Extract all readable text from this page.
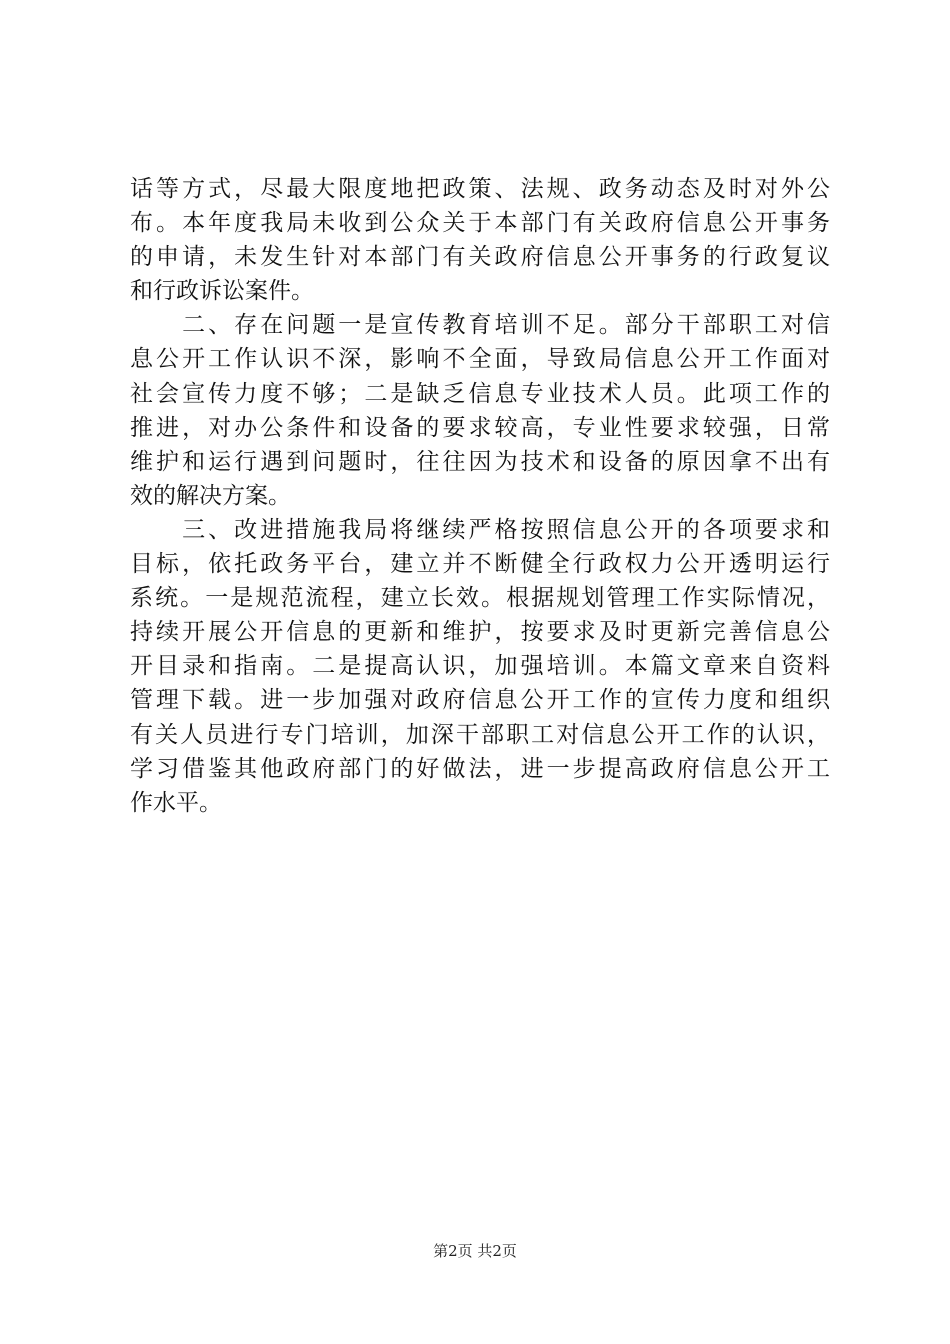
话等方式，尽最大限度地把政策、法规、政务动态及时对外公
布。本年度我局未收到公众关于本部门有关政府信息公开事务
的申请，未发生针对本部门有关政府信息公开事务的行政复议
和行政诉讼案件。
　　二、存在问题一是宣传教育培训不足。部分干部职工对信
息公开工作认识不深，影响不全面，导致局信息公开工作面对
社会宣传力度不够；二是缺乏信息专业技术人员。此项工作的
推进，对办公条件和设备的要求较高，专业性要求较强，日常
维护和运行遇到问题时，往往因为技术和设备的原因拿不出有
效的解决方案。
　　三、改进措施我局将继续严格按照信息公开的各项要求和
目标，依托政务平台，建立并不断健全行政权力公开透明运行
系统。一是规范流程，建立长效。根据规划管理工作实际情况，
持续开展公开信息的更新和维护，按要求及时更新完善信息公
开目录和指南。二是提高认识，加强培训。本篇文章来自资料
管理下载。进一步加强对政府信息公开工作的宣传力度和组织
有关人员进行专门培训，加深干部职工对信息公开工作的认识，
学习借鉴其他政府部门的好做法，进一步提高政府信息公开工
作水平。
第2页 共2页
